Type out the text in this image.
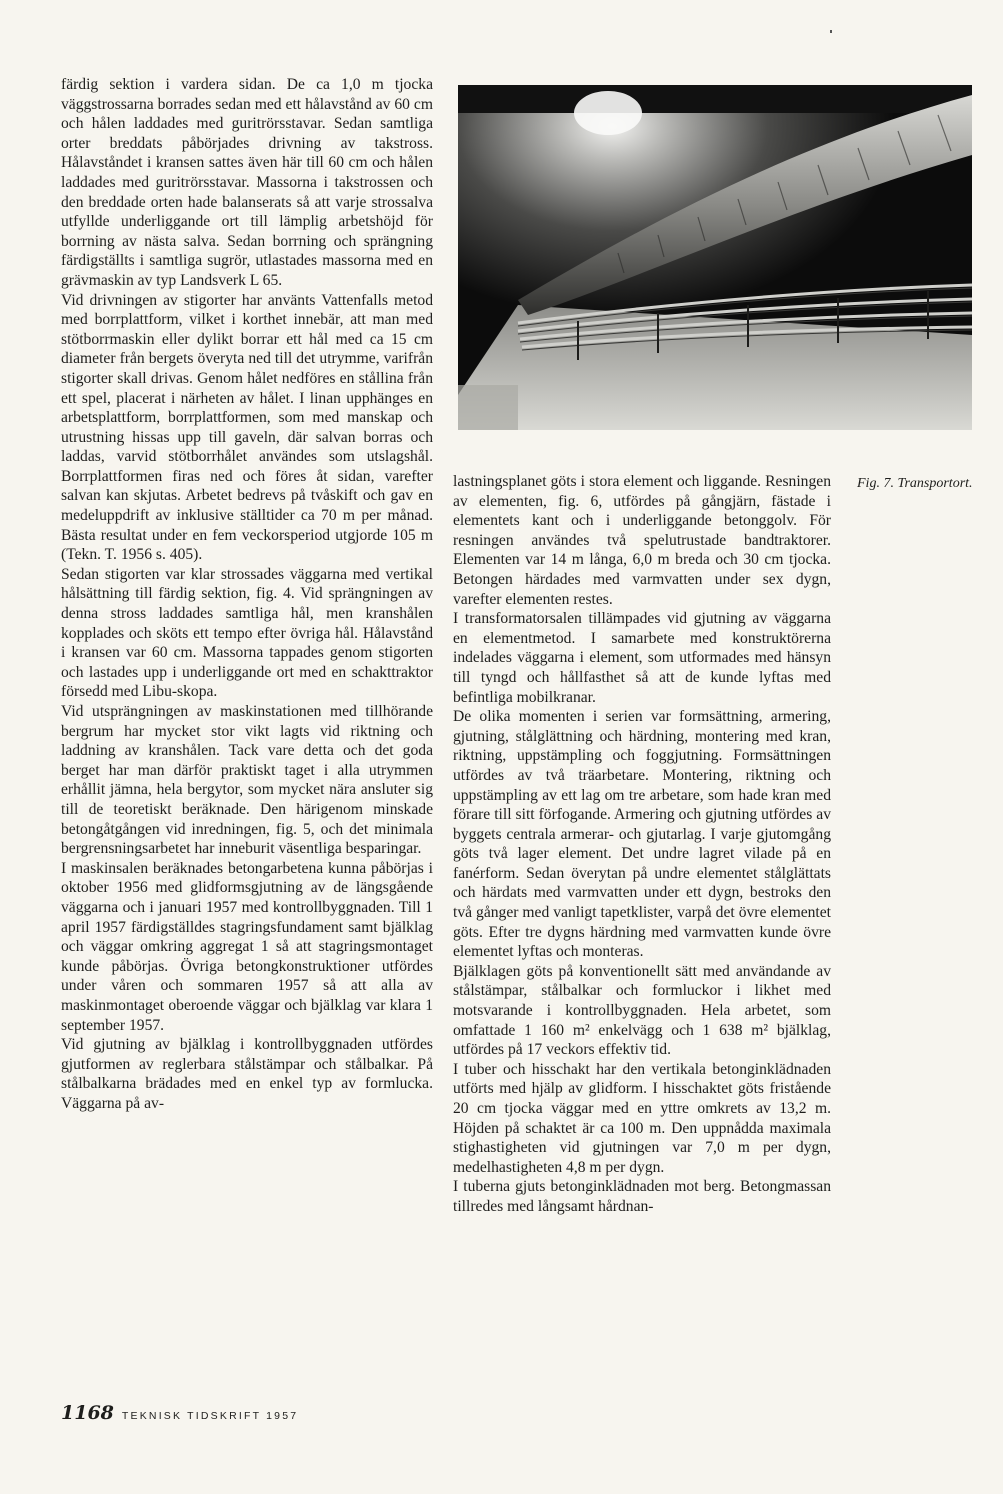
färdig sektion i vardera sidan. De ca 1,0 m tjocka väggstrossarna borrades sedan med ett hålavstånd av 60 cm och hålen laddades med guritrörsstavar. Sedan samtliga orter breddats påbörjades drivning av takstross. Hålavståndet i kransen sattes även här till 60 cm och hålen laddades med guritrörsstavar. Massorna i takstrossen och den breddade orten hade balanserats så att varje strossalva utfyllde underliggande ort till lämplig arbetshöjd för borrning av nästa salva. Sedan borrning och sprängning färdigställts i samtliga sugrör, utlastades massorna med en grävmaskin av typ Landsverk L 65.

Vid drivningen av stigorter har använts Vattenfalls metod med borrplattform, vilket i korthet innebär, att man med stötborrmaskin eller dylikt borrar ett hål med ca 15 cm diameter från bergets överyta ned till det utrymme, varifrån stigorter skall drivas. Genom hålet nedföres en stållina från ett spel, placerat i närheten av hålet. I linan upphänges en arbetsplattform, borrplattformen, som med manskap och utrustning hissas upp till gaveln, där salvan borras och laddas, varvid stötborrhålet användes som utslagshål. Borrplattformen firas ned och föres åt sidan, varefter salvan kan skjutas. Arbetet bedrevs på tvåskift och gav en medeluppdrift av inklusive ställtider ca 70 m per månad. Bästa resultat under en fem veckorsperiod utgjorde 105 m (Tekn. T. 1956 s. 405).

Sedan stigorten var klar strossades väggarna med vertikal hålsättning till färdig sektion, fig. 4. Vid sprängningen av denna stross laddades samtliga hål, men kranshålen kopplades och sköts ett tempo efter övriga hål. Hålavstånd i kransen var 60 cm. Massorna tappades genom stigorten och lastades upp i underliggande ort med en schakttraktor försedd med Libu-skopa.

Vid utsprängningen av maskinstationen med tillhörande bergrum har mycket stor vikt lagts vid riktning och laddning av kranshålen. Tack vare detta och det goda berget har man därför praktiskt taget i alla utrymmen erhållit jämna, hela bergytor, som mycket nära ansluter sig till de teoretiskt beräknade. Den härigenom minskade betongåtgången vid inredningen, fig. 5, och det minimala bergrensningsarbetet har inneburit väsentliga besparingar.

I maskinsalen beräknades betongarbetena kunna påbörjas i oktober 1956 med glidformsgjutning av de längsgående väggarna och i januari 1957 med kontrollbyggnaden. Till 1 april 1957 färdigställdes stagringsfundament samt bjälklag och väggar omkring aggregat 1 så att stagringsmontaget kunde påbörjas. Övriga betongkonstruktioner utfördes under våren och sommaren 1957 så att alla av maskinmontaget oberoende väggar och bjälklag var klara 1 september 1957.

Vid gjutning av bjälklag i kontrollbyggnaden utfördes gjutformen av reglerbara stålstämpar och stålbalkar. På stålbalkarna brädades med en enkel typ av formlucka. Väggarna på av-

Fig. 7. Transportort.

lastningsplanet göts i stora element och liggande. Resningen av elementen, fig. 6, utfördes på gångjärn, fästade i elementets kant och i underliggande betonggolv. För resningen användes två spelutrustade bandtraktorer. Elementen var 14 m långa, 6,0 m breda och 30 cm tjocka. Betongen härdades med varmvatten under sex dygn, varefter elementen restes.

I transformatorsalen tillämpades vid gjutning av väggarna en elementmetod. I samarbete med konstruktörerna indelades väggarna i element, som utformades med hänsyn till tyngd och hållfasthet så att de kunde lyftas med befintliga mobilkranar.

De olika momenten i serien var formsättning, armering, gjutning, stålglättning och härdning, montering med kran, riktning, uppstämpling och foggjutning. Formsättningen utfördes av två träarbetare. Montering, riktning och uppstämpling av ett lag om tre arbetare, som hade kran med förare till sitt förfogande. Armering och gjutning utfördes av byggets centrala armerar- och gjutarlag. I varje gjutomgång göts två lager element. Det undre lagret vilade på en fanérform. Sedan överytan på undre elementet stålglättats och härdats med varmvatten under ett dygn, bestroks den två gånger med vanligt tapetklister, varpå det övre elementet göts. Efter tre dygns härdning med varmvatten kunde övre elementet lyftas och monteras.

Bjälklagen göts på konventionellt sätt med användande av stålstämpar, stålbalkar och formluckor i likhet med motsvarande i kontrollbyggnaden. Hela arbetet, som omfattade 1 160 m² enkelvägg och 1 638 m² bjälklag, utfördes på 17 veckors effektiv tid.

I tuber och hisschakt har den vertikala betonginklädnaden utförts med hjälp av glidform. I hisschaktet göts fristående 20 cm tjocka väggar med en yttre omkrets av 13,2 m. Höjden på schaktet är ca 100 m. Den uppnådda maximala stighastigheten vid gjutningen var 7,0 m per dygn, medelhastigheten 4,8 m per dygn.

I tuberna gjuts betonginklädnaden mot berg. Betongmassan tillredes med långsamt hårdnan-

1168 TEKNISK TIDSKRIFT 1957
